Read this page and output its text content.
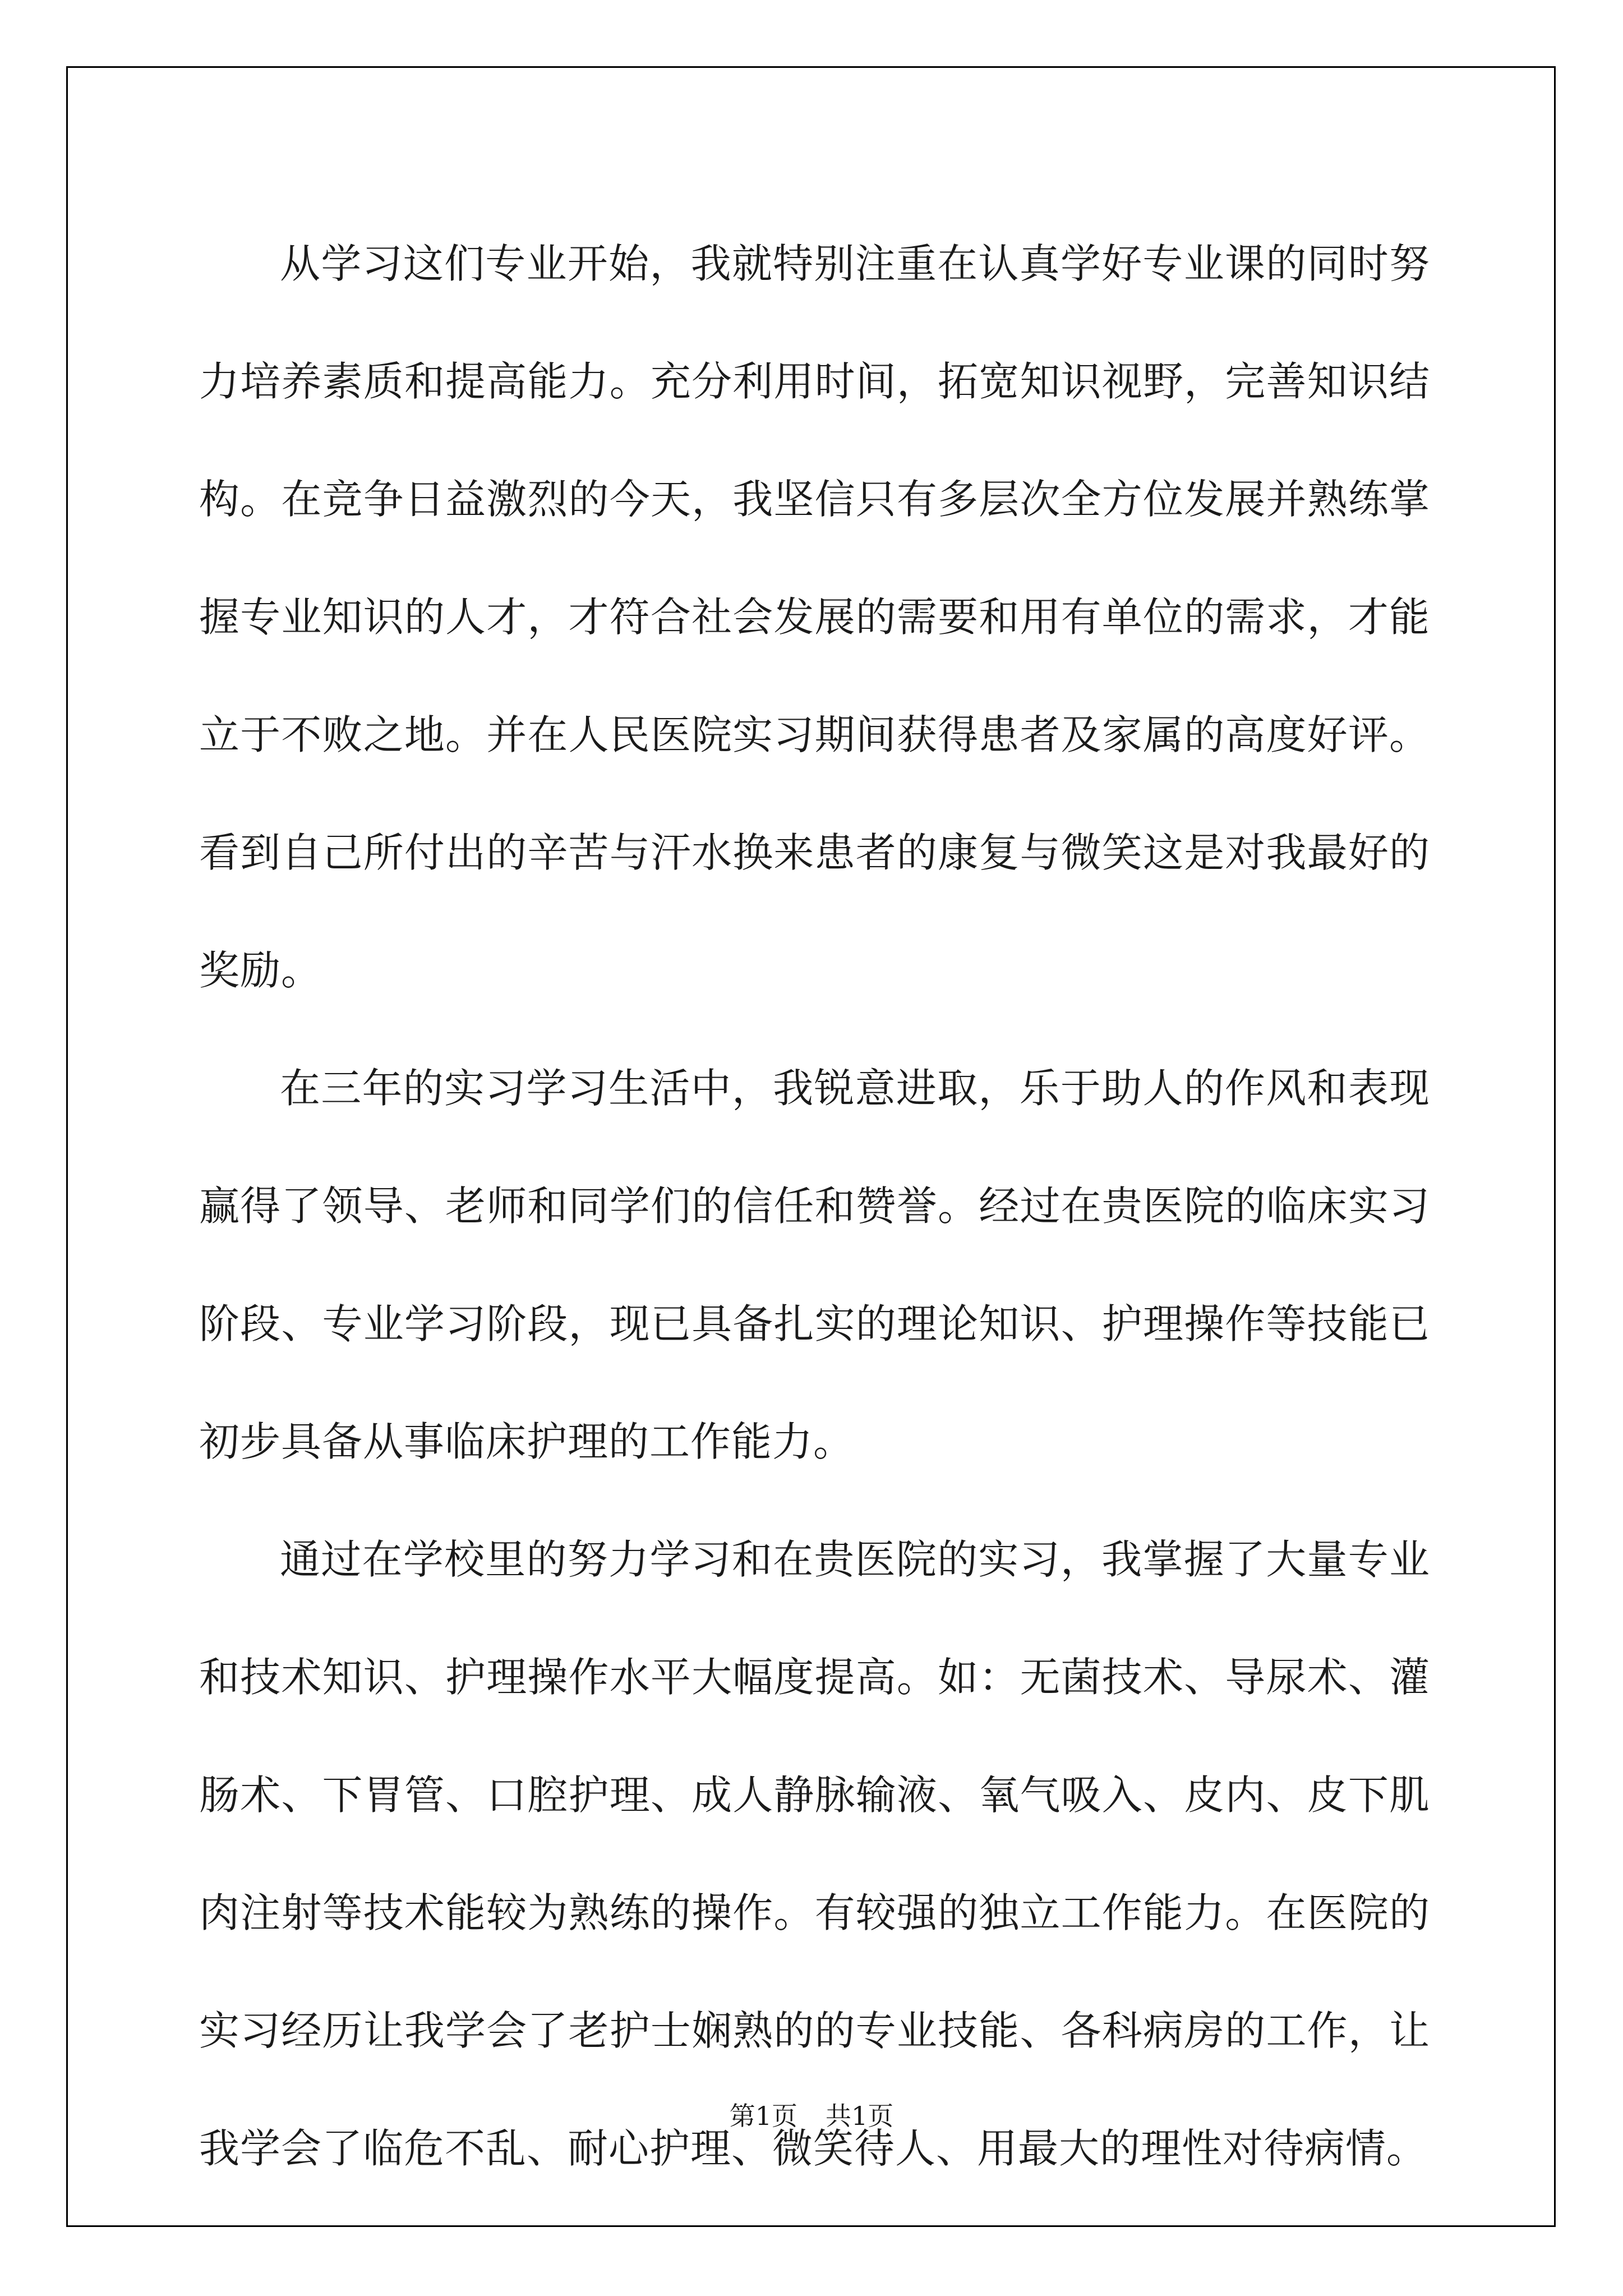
从学习这们专业开始，我就特别注重在认真学好专业课的同时努力培养素质和提高能力。充分利用时间，拓宽知识视野，完善知识结构。在竞争日益激烈的今天，我坚信只有多层次全方位发展并熟练掌握专业知识的人才，才符合社会发展的需要和用有单位的需求，才能立于不败之地。并在人民医院实习期间获得患者及家属的高度好评。看到自己所付出的辛苦与汗水换来患者的康复与微笑这是对我最好的奖励。

在三年的实习学习生活中，我锐意进取，乐于助人的作风和表现赢得了领导、老师和同学们的信任和赞誉。经过在贵医院的临床实习阶段、专业学习阶段，现已具备扎实的理论知识、护理操作等技能已初步具备从事临床护理的工作能力。

通过在学校里的努力学习和在贵医院的实习，我掌握了大量专业和技术知识、护理操作水平大幅度提高。如：无菌技术、导尿术、灌肠术、下胃管、口腔护理、成人静脉输液、氧气吸入、皮内、皮下肌肉注射等技术能较为熟练的操作。有较强的独立工作能力。在医院的实习经历让我学会了老护士娴熟的的专业技能、各科病房的工作，让我学会了临危不乱、耐心护理、微笑待人、用最大的理性对待病情。

第1页 共1页
